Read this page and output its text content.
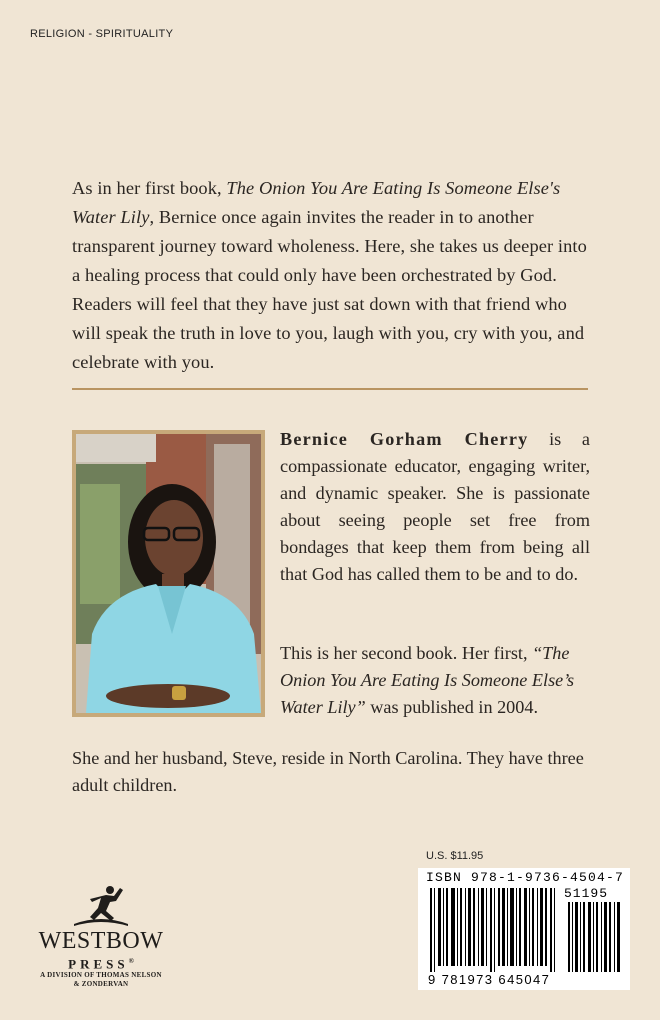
RELIGION - SPIRITUALITY

As in her first book, The Onion You Are Eating Is Someone Else's Water Lily, Bernice once again invites the reader in to another transparent journey toward wholeness. Here, she takes us deeper into a healing process that could only have been orchestrated by God. Readers will feel that they have just sat down with that friend who will speak the truth in love to you, laugh with you, cry with you, and celebrate with you.

Bernice Gorham Cherry is a compassionate educator, engaging writer, and dynamic speaker. She is passionate about seeing people set free from bondages that keep them from being all that God has called them to be and to do.

This is her second book. Her first, “The Onion You Are Eating Is Someone Else’s Water Lily” was published in 2004.

She and her husband, Steve, reside in North Carolina. They have three adult children.

U.S. $11.95
ISBN 978-1-9736-4504-7
51195
9 781973 645047
WESTBOW
PRESS®
A DIVISION OF THOMAS NELSON
& ZONDERVAN
